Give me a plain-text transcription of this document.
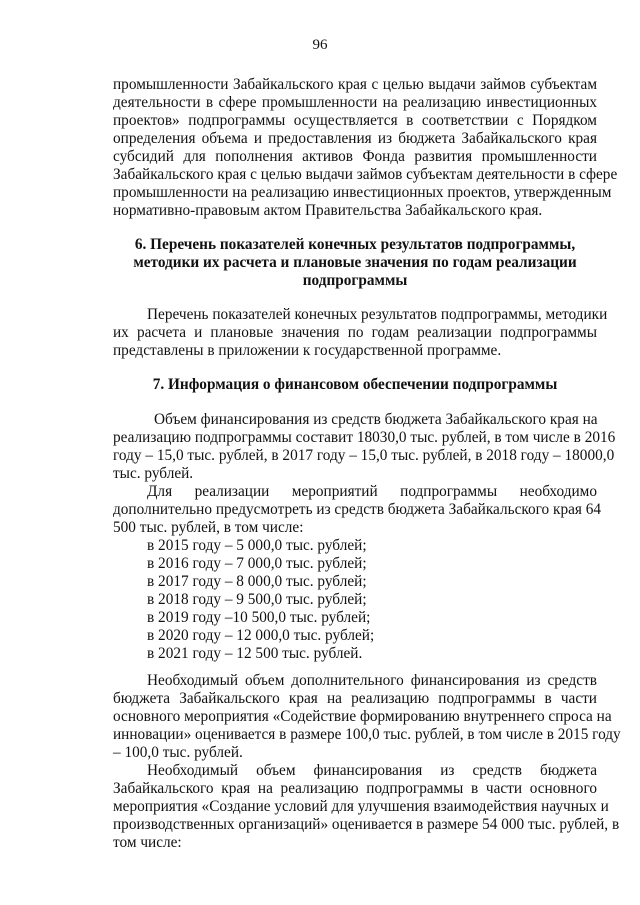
96
промышленности Забайкальского края с целью выдачи займов субъектам
деятельности в сфере промышленности на реализацию инвестиционных
проектов» подпрограммы осуществляется в соответствии с Порядком
определения объема и предоставления из бюджета Забайкальского края
субсидий для пополнения активов Фонда развития промышленности
Забайкальского края с целью выдачи займов субъектам деятельности в сфере
промышленности на реализацию инвестиционных проектов, утвержденным
нормативно-правовым актом Правительства Забайкальского края.
6. Перечень показателей конечных результатов подпрограммы,
методики их расчета и плановые значения по годам реализации
подпрограммы
Перечень показателей конечных результатов подпрограммы, методики
их расчета и плановые значения по годам реализации подпрограммы
представлены в приложении к государственной программе.
7. Информация о финансовом обеспечении подпрограммы
Объем финансирования из средств бюджета Забайкальского края на
реализацию подпрограммы составит 18030,0 тыс. рублей, в том числе в 2016
году – 15,0 тыс. рублей, в 2017 году – 15,0 тыс. рублей, в 2018 году – 18000,0
тыс. рублей.
Для реализации мероприятий подпрограммы необходимо
дополнительно предусмотреть из средств бюджета Забайкальского края 64
500 тыс. рублей, в том числе:
в 2015 году – 5 000,0 тыс. рублей;
в 2016 году – 7 000,0 тыс. рублей;
в 2017 году – 8 000,0 тыс. рублей;
в 2018 году – 9 500,0 тыс. рублей;
в 2019 году –10 500,0 тыс. рублей;
в 2020 году – 12 000,0 тыс. рублей;
в 2021 году – 12 500 тыс. рублей.
Необходимый объем дополнительного финансирования из средств
бюджета Забайкальского края на реализацию подпрограммы в части
основного мероприятия «Содействие формированию внутреннего спроса на
инновации» оценивается в размере 100,0 тыс. рублей, в том числе в 2015 году
– 100,0 тыс. рублей.
Необходимый объем финансирования из средств бюджета
Забайкальского края на реализацию подпрограммы в части основного
мероприятия «Создание условий для улучшения взаимодействия научных и
производственных организаций» оценивается в размере 54 000 тыс. рублей, в
том числе:
